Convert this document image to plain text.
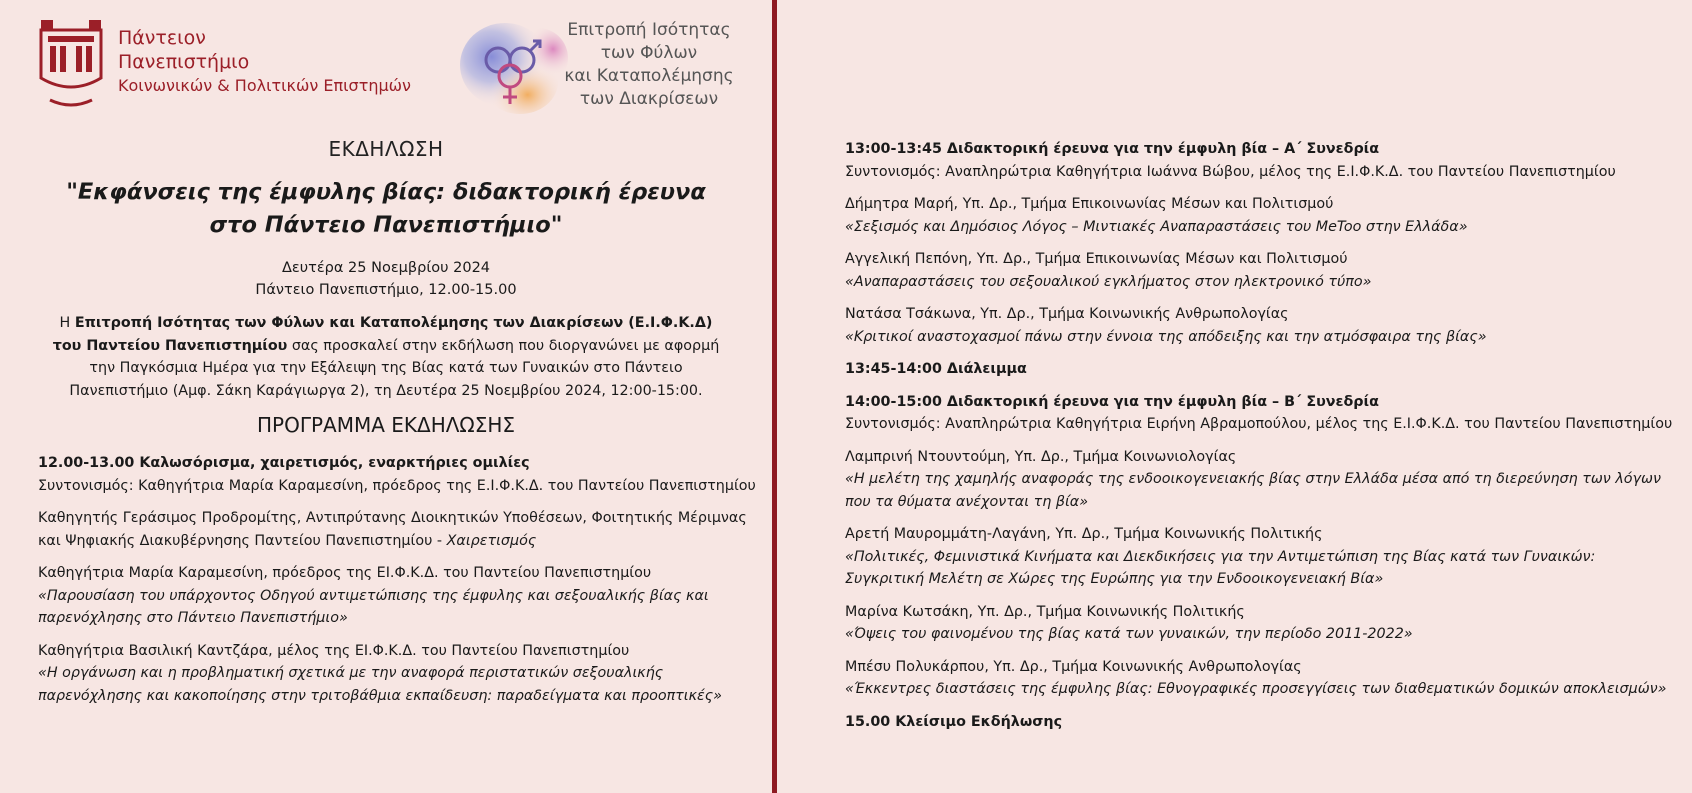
Πάντειον
Πανεπιστήμιο
Κοινωνικών & Πολιτικών Επιστημών
Επιτροπή Ισότητας
των Φύλων
και Καταπολέμησης
των Διακρίσεων
ΕΚΔΗΛΩΣΗ
"Εκφάνσεις της έμφυλης βίας: διδακτορική έρευνα στο Πάντειο Πανεπιστήμιο"
Δευτέρα 25 Νοεμβρίου 2024
Πάντειο Πανεπιστήμιο, 12.00-15.00
Η Επιτροπή Ισότητας των Φύλων και Καταπολέμησης των Διακρίσεων (Ε.Ι.Φ.Κ.Δ) του Παντείου Πανεπιστημίου σας προσκαλεί στην εκδήλωση που διοργανώνει με αφορμή την Παγκόσμια Ημέρα για την Εξάλειψη της Βίας κατά των Γυναικών στο Πάντειο Πανεπιστήμιο (Αμφ. Σάκη Καράγιωργα 2), τη Δευτέρα 25 Νοεμβρίου 2024, 12:00-15:00.
ΠΡΟΓΡΑΜΜΑ ΕΚΔΗΛΩΣΗΣ
12.00-13.00 Καλωσόρισμα, χαιρετισμός, εναρκτήριες ομιλίες
Συντονισμός: Καθηγήτρια Μαρία Καραμεσίνη, πρόεδρος της Ε.Ι.Φ.Κ.Δ. του Παντείου Πανεπιστημίου
Καθηγητής Γεράσιμος Προδρομίτης, Αντιπρύτανης Διοικητικών Υποθέσεων, Φοιτητικής Μέριμνας και Ψηφιακής Διακυβέρνησης Παντείου Πανεπιστημίου - Χαιρετισμός
Καθηγήτρια Μαρία Καραμεσίνη, πρόεδρος της ΕΙ.Φ.Κ.Δ. του Παντείου Πανεπιστημίου
«Παρουσίαση του υπάρχοντος Οδηγού αντιμετώπισης της έμφυλης και σεξουαλικής βίας και παρενόχλησης στο Πάντειο Πανεπιστήμιο»
Καθηγήτρια Βασιλική Καντζάρα, μέλος της ΕΙ.Φ.Κ.Δ. του Παντείου Πανεπιστημίου
«Η οργάνωση και η προβληματική σχετικά με την αναφορά περιστατικών σεξουαλικής παρενόχλησης και κακοποίησης στην τριτοβάθμια εκπαίδευση: παραδείγματα και προοπτικές»
13:00-13:45 Διδακτορική έρευνα για την έμφυλη βία – Α΄ Συνεδρία
Συντονισμός: Αναπληρώτρια Καθηγήτρια Ιωάννα Βώβου, μέλος της Ε.Ι.Φ.Κ.Δ. του Παντείου Πανεπιστημίου
Δήμητρα Μαρή, Υπ. Δρ., Τμήμα Επικοινωνίας Μέσων και Πολιτισμού
«Σεξισμός και Δημόσιος Λόγος – Μιντιακές Αναπαραστάσεις του ΜeToo στην Ελλάδα»
Αγγελική Πεπόνη, Υπ. Δρ., Τμήμα Επικοινωνίας Μέσων και Πολιτισμού
«Αναπαραστάσεις του σεξουαλικού εγκλήματος στον ηλεκτρονικό τύπο»
Νατάσα Τσάκωνα, Υπ. Δρ., Τμήμα Κοινωνικής Ανθρωπολογίας
«Κριτικοί αναστοχασμοί πάνω στην έννοια της απόδειξης και την ατμόσφαιρα της βίας»
13:45-14:00 Διάλειμμα
14:00-15:00 Διδακτορική έρευνα για την έμφυλη βία – Β΄ Συνεδρία
Συντονισμός: Αναπληρώτρια Καθηγήτρια Ειρήνη Αβραμοπούλου, μέλος της Ε.Ι.Φ.Κ.Δ. του Παντείου Πανεπιστημίου
Λαμπρινή Ντουντούμη, Υπ. Δρ., Τμήμα Κοινωνιολογίας
«Η μελέτη της χαμηλής αναφοράς της ενδοοικογενειακής βίας στην Ελλάδα μέσα από τη διερεύνηση των λόγων που τα θύματα ανέχονται τη βία»
Αρετή Μαυρομμάτη-Λαγάνη, Υπ. Δρ., Τμήμα Κοινωνικής Πολιτικής
«Πολιτικές, Φεμινιστικά Κινήματα και Διεκδικήσεις για την Αντιμετώπιση της Βίας κατά των Γυναικών: Συγκριτική Μελέτη σε Χώρες της Ευρώπης για την Ενδοοικογενειακή Βία»
Μαρίνα Κωτσάκη, Υπ. Δρ., Τμήμα Κοινωνικής Πολιτικής
«Όψεις του φαινομένου της βίας κατά των γυναικών, την περίοδο 2011-2022»
Μπέσυ Πολυκάρπου, Υπ. Δρ., Τμήμα Κοινωνικής Ανθρωπολογίας
«Έκκεντρες διαστάσεις της έμφυλης βίας: Εθνογραφικές προσεγγίσεις των διαθεματικών δομικών αποκλεισμών»
15.00 Κλείσιμο Εκδήλωσης
